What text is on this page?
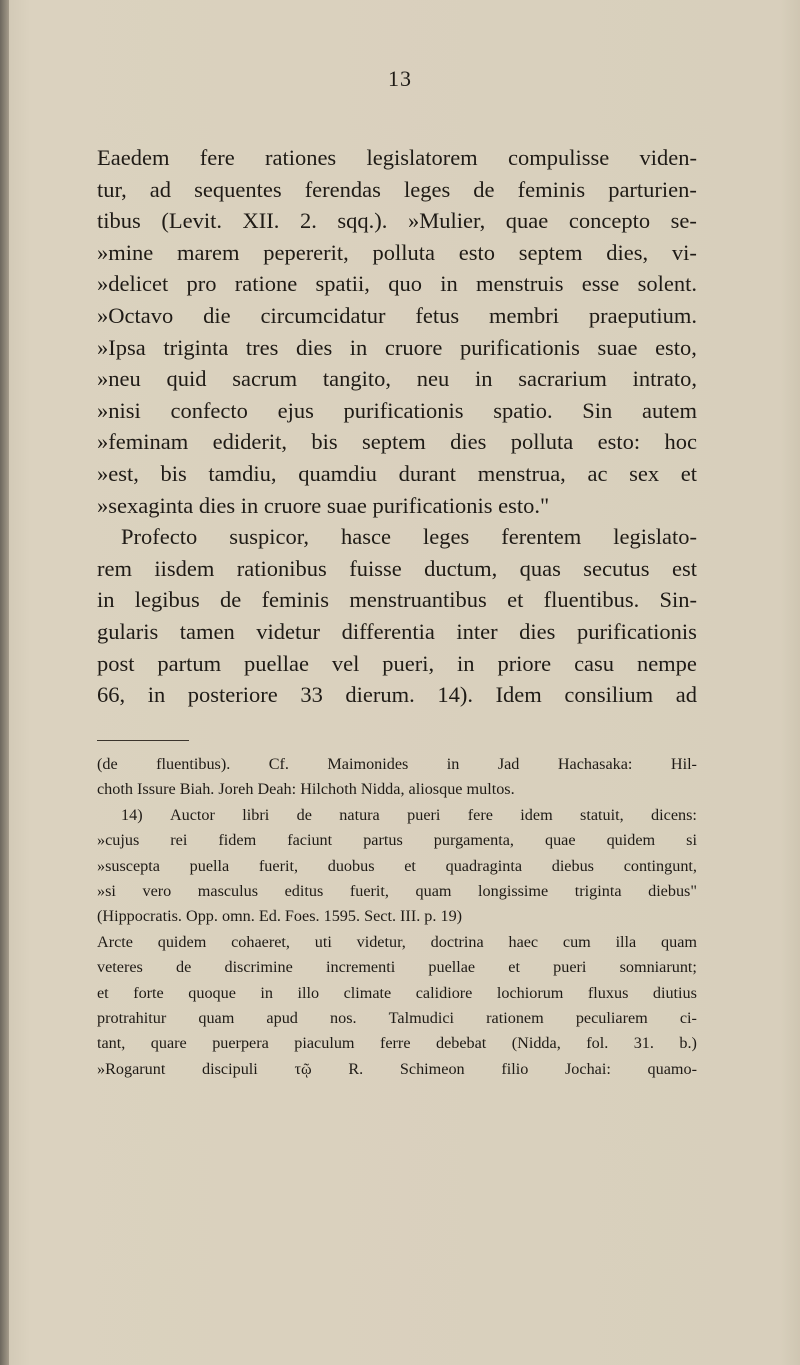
13
Eaedem fere rationes legislatorem compulisse viden-
tur, ad sequentes ferendas leges de feminis parturien-
tibus (Levit. XII. 2. sqq.). »Mulier, quae concepto se-
»mine marem pepererit, polluta esto septem dies, vi-
»delicet pro ratione spatii, quo in menstruis esse solent.
»Octavo die circumcidatur fetus membri praeputium.
»Ipsa triginta tres dies in cruore purificationis suae esto,
»neu quid sacrum tangito, neu in sacrarium intrato,
»nisi confecto ejus purificationis spatio. Sin autem
»feminam ediderit, bis septem dies polluta esto: hoc
»est, bis tamdiu, quamdiu durant menstrua, ac sex et
»sexaginta dies in cruore suae purificationis esto."
Profecto suspicor, hasce leges ferentem legislato-
rem iisdem rationibus fuisse ductum, quas secutus est
in legibus de feminis menstruantibus et fluentibus. Sin-
gularis tamen videtur differentia inter dies purificationis
post partum puellae vel pueri, in priore casu nempe
66, in posteriore 33 dierum. 14). Idem consilium ad
(de fluentibus). Cf. Maimonides in Jad Hachasaka: Hil-
choth Issure Biah. Joreh Deah: Hilchoth Nidda, aliosque multos.
14) Auctor libri de natura pueri fere idem statuit, dicens:
»cujus rei fidem faciunt partus purgamenta, quae quidem si
»suscepta puella fuerit, duobus et quadraginta diebus contingunt,
»si vero masculus editus fuerit, quam longissime triginta diebus"
(Hippocratis. Opp. omn. Ed. Foes. 1595. Sect. III. p. 19)
Arcte quidem cohaeret, uti videtur, doctrina haec cum illa quam
veteres de discrimine incrementi puellae et pueri somniarunt;
et forte quoque in illo climate calidiore lochiorum fluxus diutius
protrahitur quam apud nos. Talmudici rationem peculiarem ci-
tant, quare puerpera piaculum ferre debebat (Nidda, fol. 31. b.)
»Rogarunt discipuli τῷ R. Schimeon filio Jochai: quamo-
